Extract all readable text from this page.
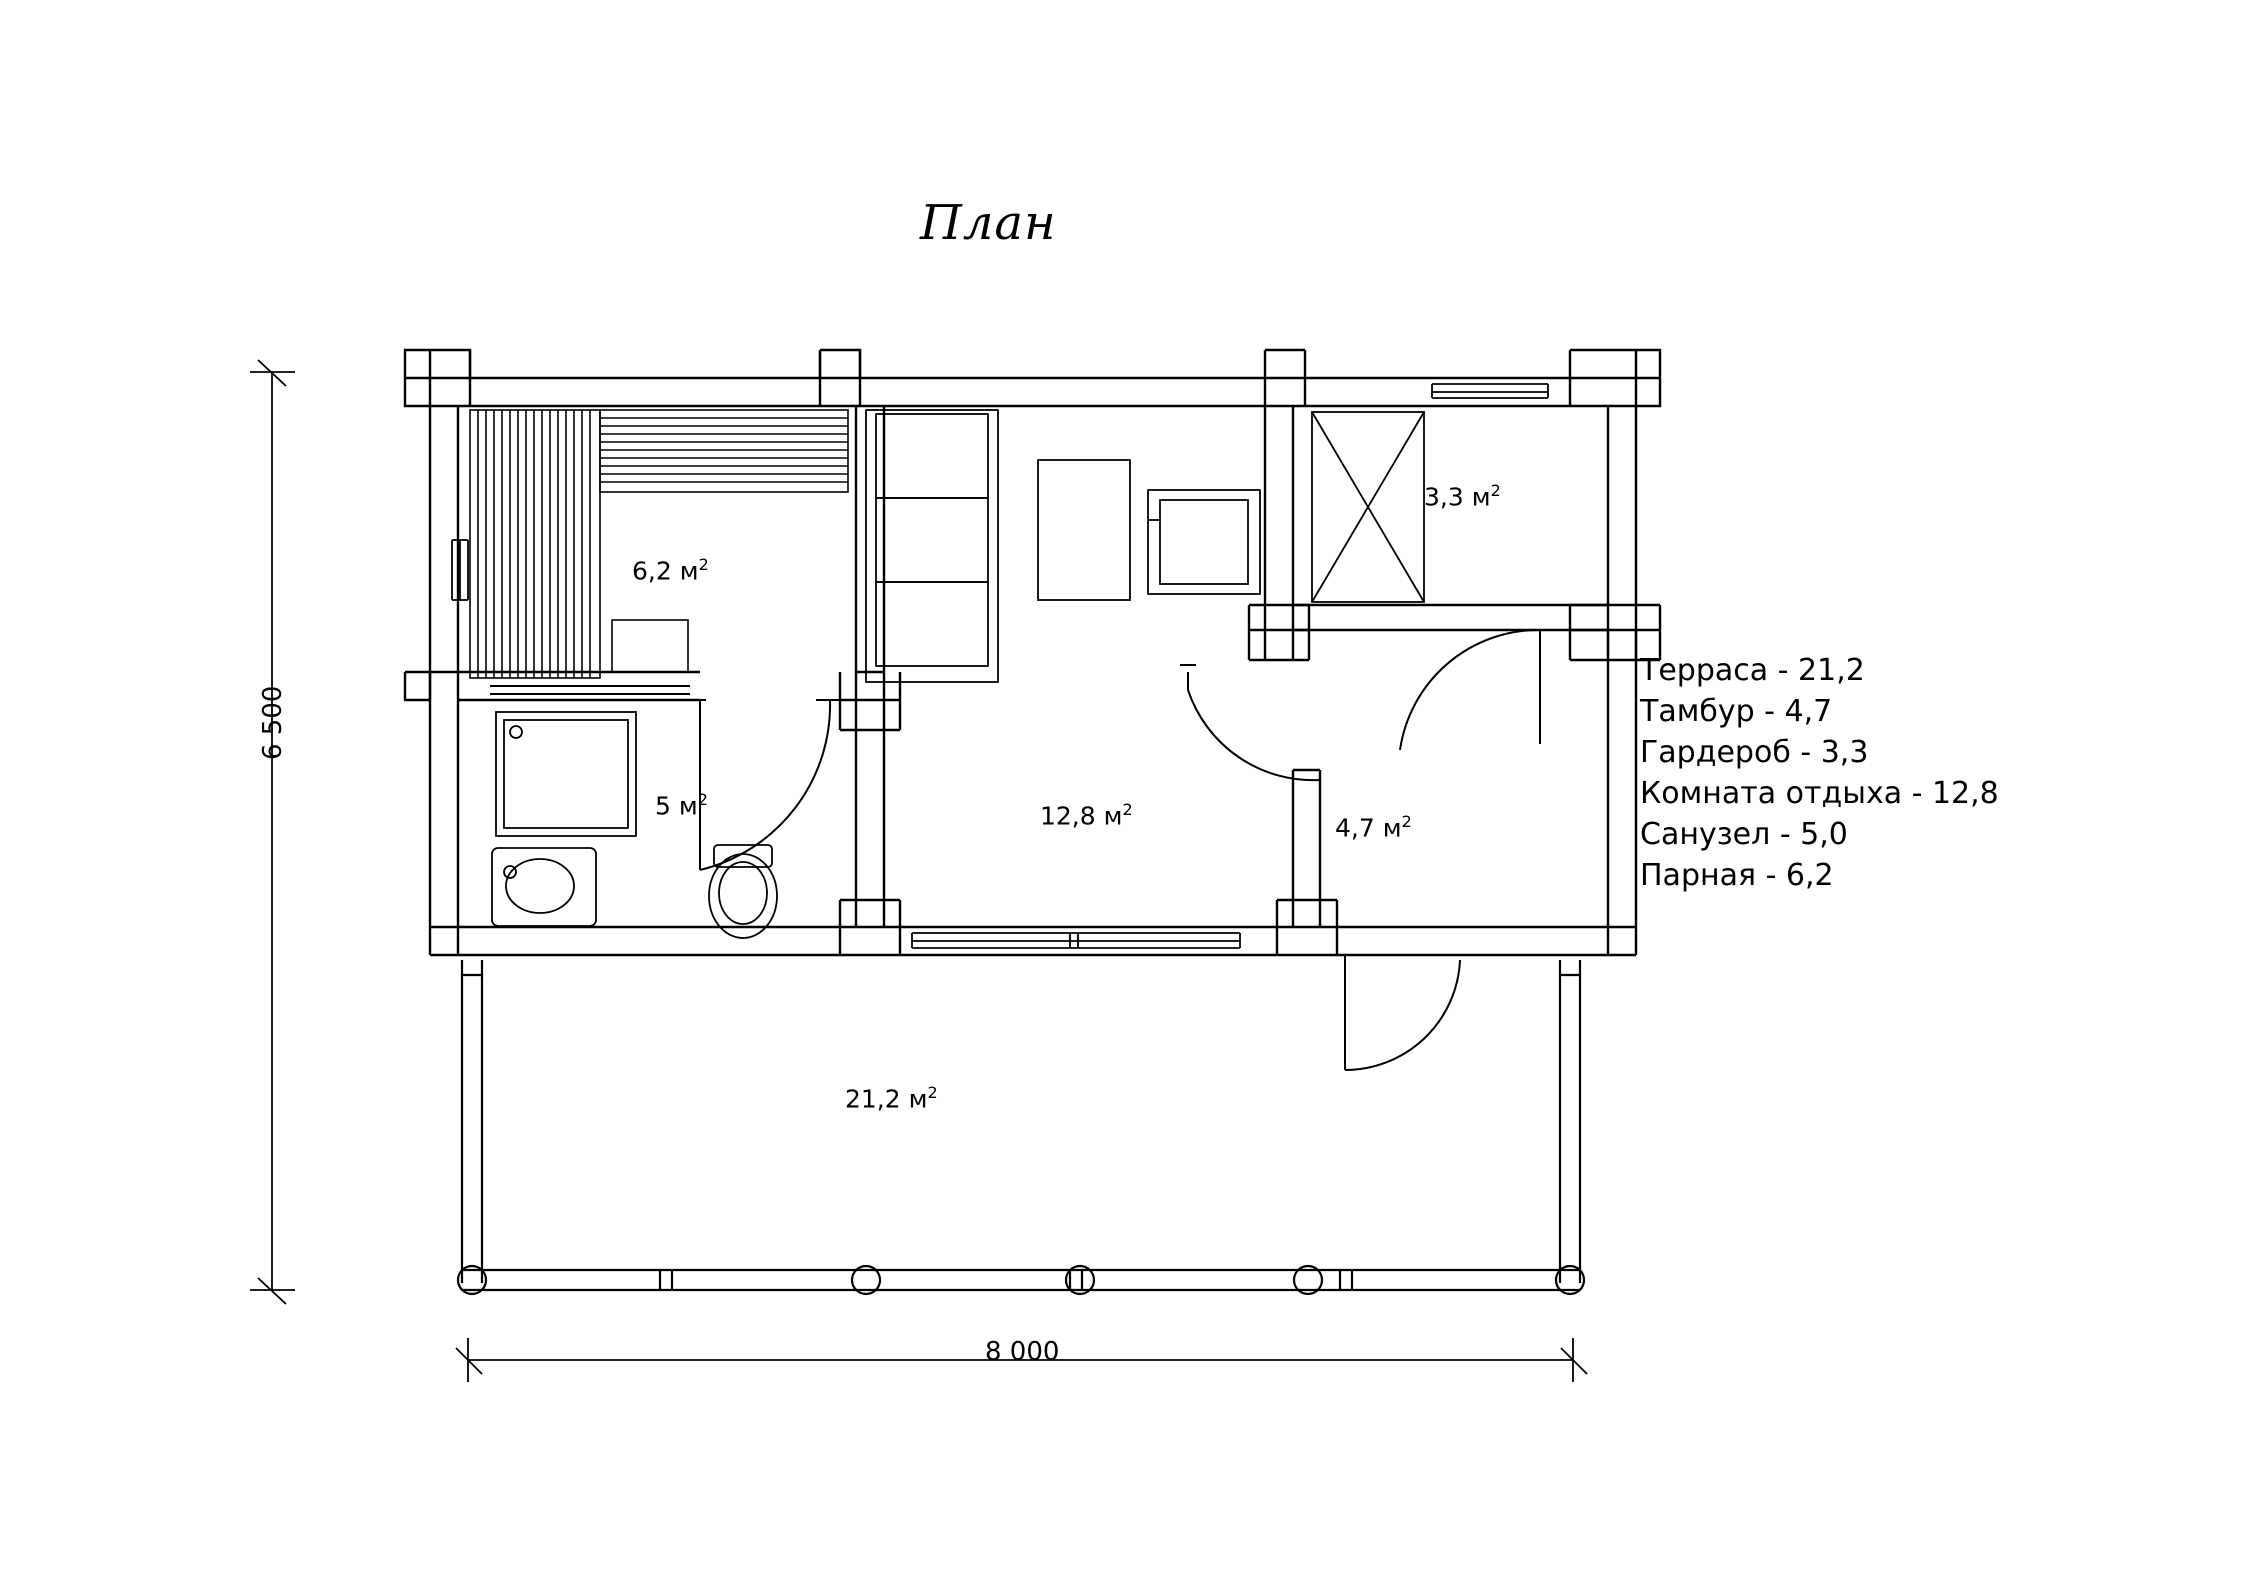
План
Терраса - 21,2
Тамбур - 4,7
Гардероб - 3,3
Комната отдыха - 12,8
Санузел - 5,0
Парная - 6,2
6 500
8 000
6,2 $м^2$
3,3 $м^2$
5 $м^2$
12,8 $м^2$
4,7 $м^2$
21,2 $м^2$
